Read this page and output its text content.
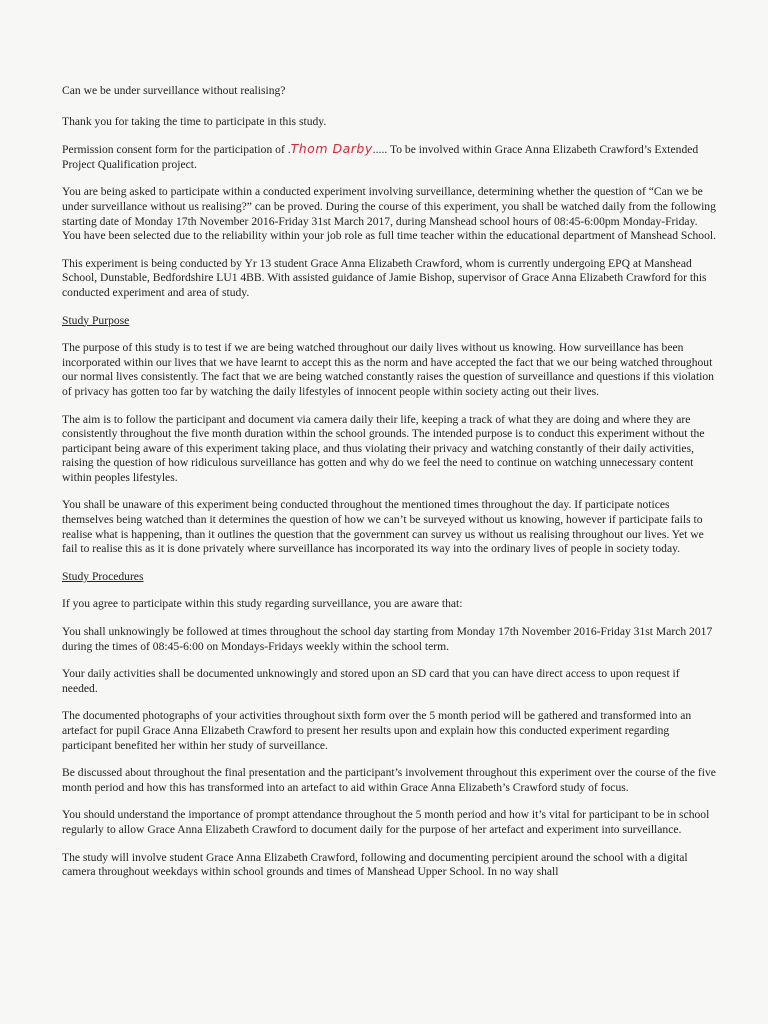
Can we be under surveillance without realising?

Thank you for taking the time to participate in this study.

Permission consent form for the participation of .Thom Darby..... To be involved within Grace Anna Elizabeth Crawford’s Extended Project Qualification project.

You are being asked to participate within a conducted experiment involving surveillance, determining whether the question of “Can we be under surveillance without us realising?” can be proved. During the course of this experiment, you shall be watched daily from the following starting date of Monday 17th November 2016-Friday 31st March 2017, during Manshead school hours of 08:45-6:00pm Monday-Friday. You have been selected due to the reliability within your job role as full time teacher within the educational department of Manshead School.

This experiment is being conducted by Yr 13 student Grace Anna Elizabeth Crawford, whom is currently undergoing EPQ at Manshead School, Dunstable, Bedfordshire LU1 4BB. With assisted guidance of Jamie Bishop, supervisor of Grace Anna Elizabeth Crawford for this conducted experiment and area of study.

Study Purpose

The purpose of this study is to test if we are being watched throughout our daily lives without us knowing. How surveillance has been incorporated within our lives that we have learnt to accept this as the norm and have accepted the fact that we our being watched throughout our normal lives consistently. The fact that we are being watched constantly raises the question of surveillance and questions if this violation of privacy has gotten too far by watching the daily lifestyles of innocent people within society acting out their lives.

The aim is to follow the participant and document via camera daily their life, keeping a track of what they are doing and where they are consistently throughout the five month duration within the school grounds. The intended purpose is to conduct this experiment without the participant being aware of this experiment taking place, and thus violating their privacy and watching constantly of their daily activities, raising the question of how ridiculous surveillance has gotten and why do we feel the need to continue on watching unnecessary content within peoples lifestyles.

You shall be unaware of this experiment being conducted throughout the mentioned times throughout the day. If participate notices themselves being watched than it determines the question of how we can’t be surveyed without us knowing, however if participate fails to realise what is happening, than it outlines the question that the government can survey us without us realising throughout our lives. Yet we fail to realise this as it is done privately where surveillance has incorporated its way into the ordinary lives of people in society today.

Study Procedures

If you agree to participate within this study regarding surveillance, you are aware that:

You shall unknowingly be followed at times throughout the school day starting from Monday 17th November 2016-Friday 31st March 2017 during the times of 08:45-6:00 on Mondays-Fridays weekly within the school term.

Your daily activities shall be documented unknowingly and stored upon an SD card that you can have direct access to upon request if needed.

The documented photographs of your activities throughout sixth form over the 5 month period will be gathered and transformed into an artefact for pupil Grace Anna Elizabeth Crawford to present her results upon and explain how this conducted experiment regarding participant benefited her within her study of surveillance.

Be discussed about throughout the final presentation and the participant’s involvement throughout this experiment over the course of the five month period and how this has transformed into an artefact to aid within Grace Anna Elizabeth’s Crawford study of focus.

You should understand the importance of prompt attendance throughout the 5 month period and how it’s vital for participant to be in school regularly to allow Grace Anna Elizabeth Crawford to document daily for the purpose of her artefact and experiment into surveillance.

The study will involve student Grace Anna Elizabeth Crawford, following and documenting percipient around the school with a digital camera throughout weekdays within school grounds and times of Manshead Upper School. In no way shall
